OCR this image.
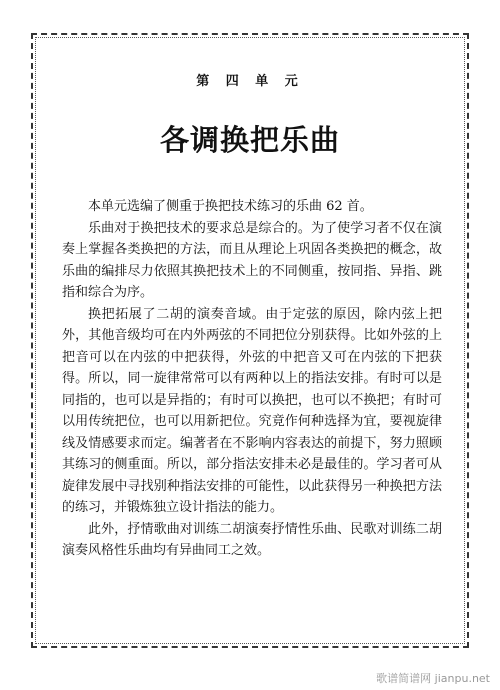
第 四 单 元
各调换把乐曲

本单元选编了侧重于换把技术练习的乐曲 62 首。

乐曲对于换把技术的要求总是综合的。为了使学习者不仅在演奏上掌握各类换把的方法，而且从理论上巩固各类换把的概念，故乐曲的编排尽力依照其换把技术上的不同侧重，按同指、异指、跳指和综合为序。

换把拓展了二胡的演奏音域。由于定弦的原因，除内弦上把外，其他音级均可在内外两弦的不同把位分别获得。比如外弦的上把音可以在内弦的中把获得，外弦的中把音又可在内弦的下把获得。所以，同一旋律常常可以有两种以上的指法安排。有时可以是同指的，也可以是异指的；有时可以换把，也可以不换把；有时可以用传统把位，也可以用新把位。究竟作何种选择为宜，要视旋律线及情感要求而定。编著者在不影响内容表达的前提下，努力照顾其练习的侧重面。所以，部分指法安排未必是最佳的。学习者可从旋律发展中寻找别种指法安排的可能性，以此获得另一种换把方法的练习，并锻炼独立设计指法的能力。

此外，抒情歌曲对训练二胡演奏抒情性乐曲、民歌对训练二胡演奏风格性乐曲均有异曲同工之效。

歌谱简谱网 jianpu.net
